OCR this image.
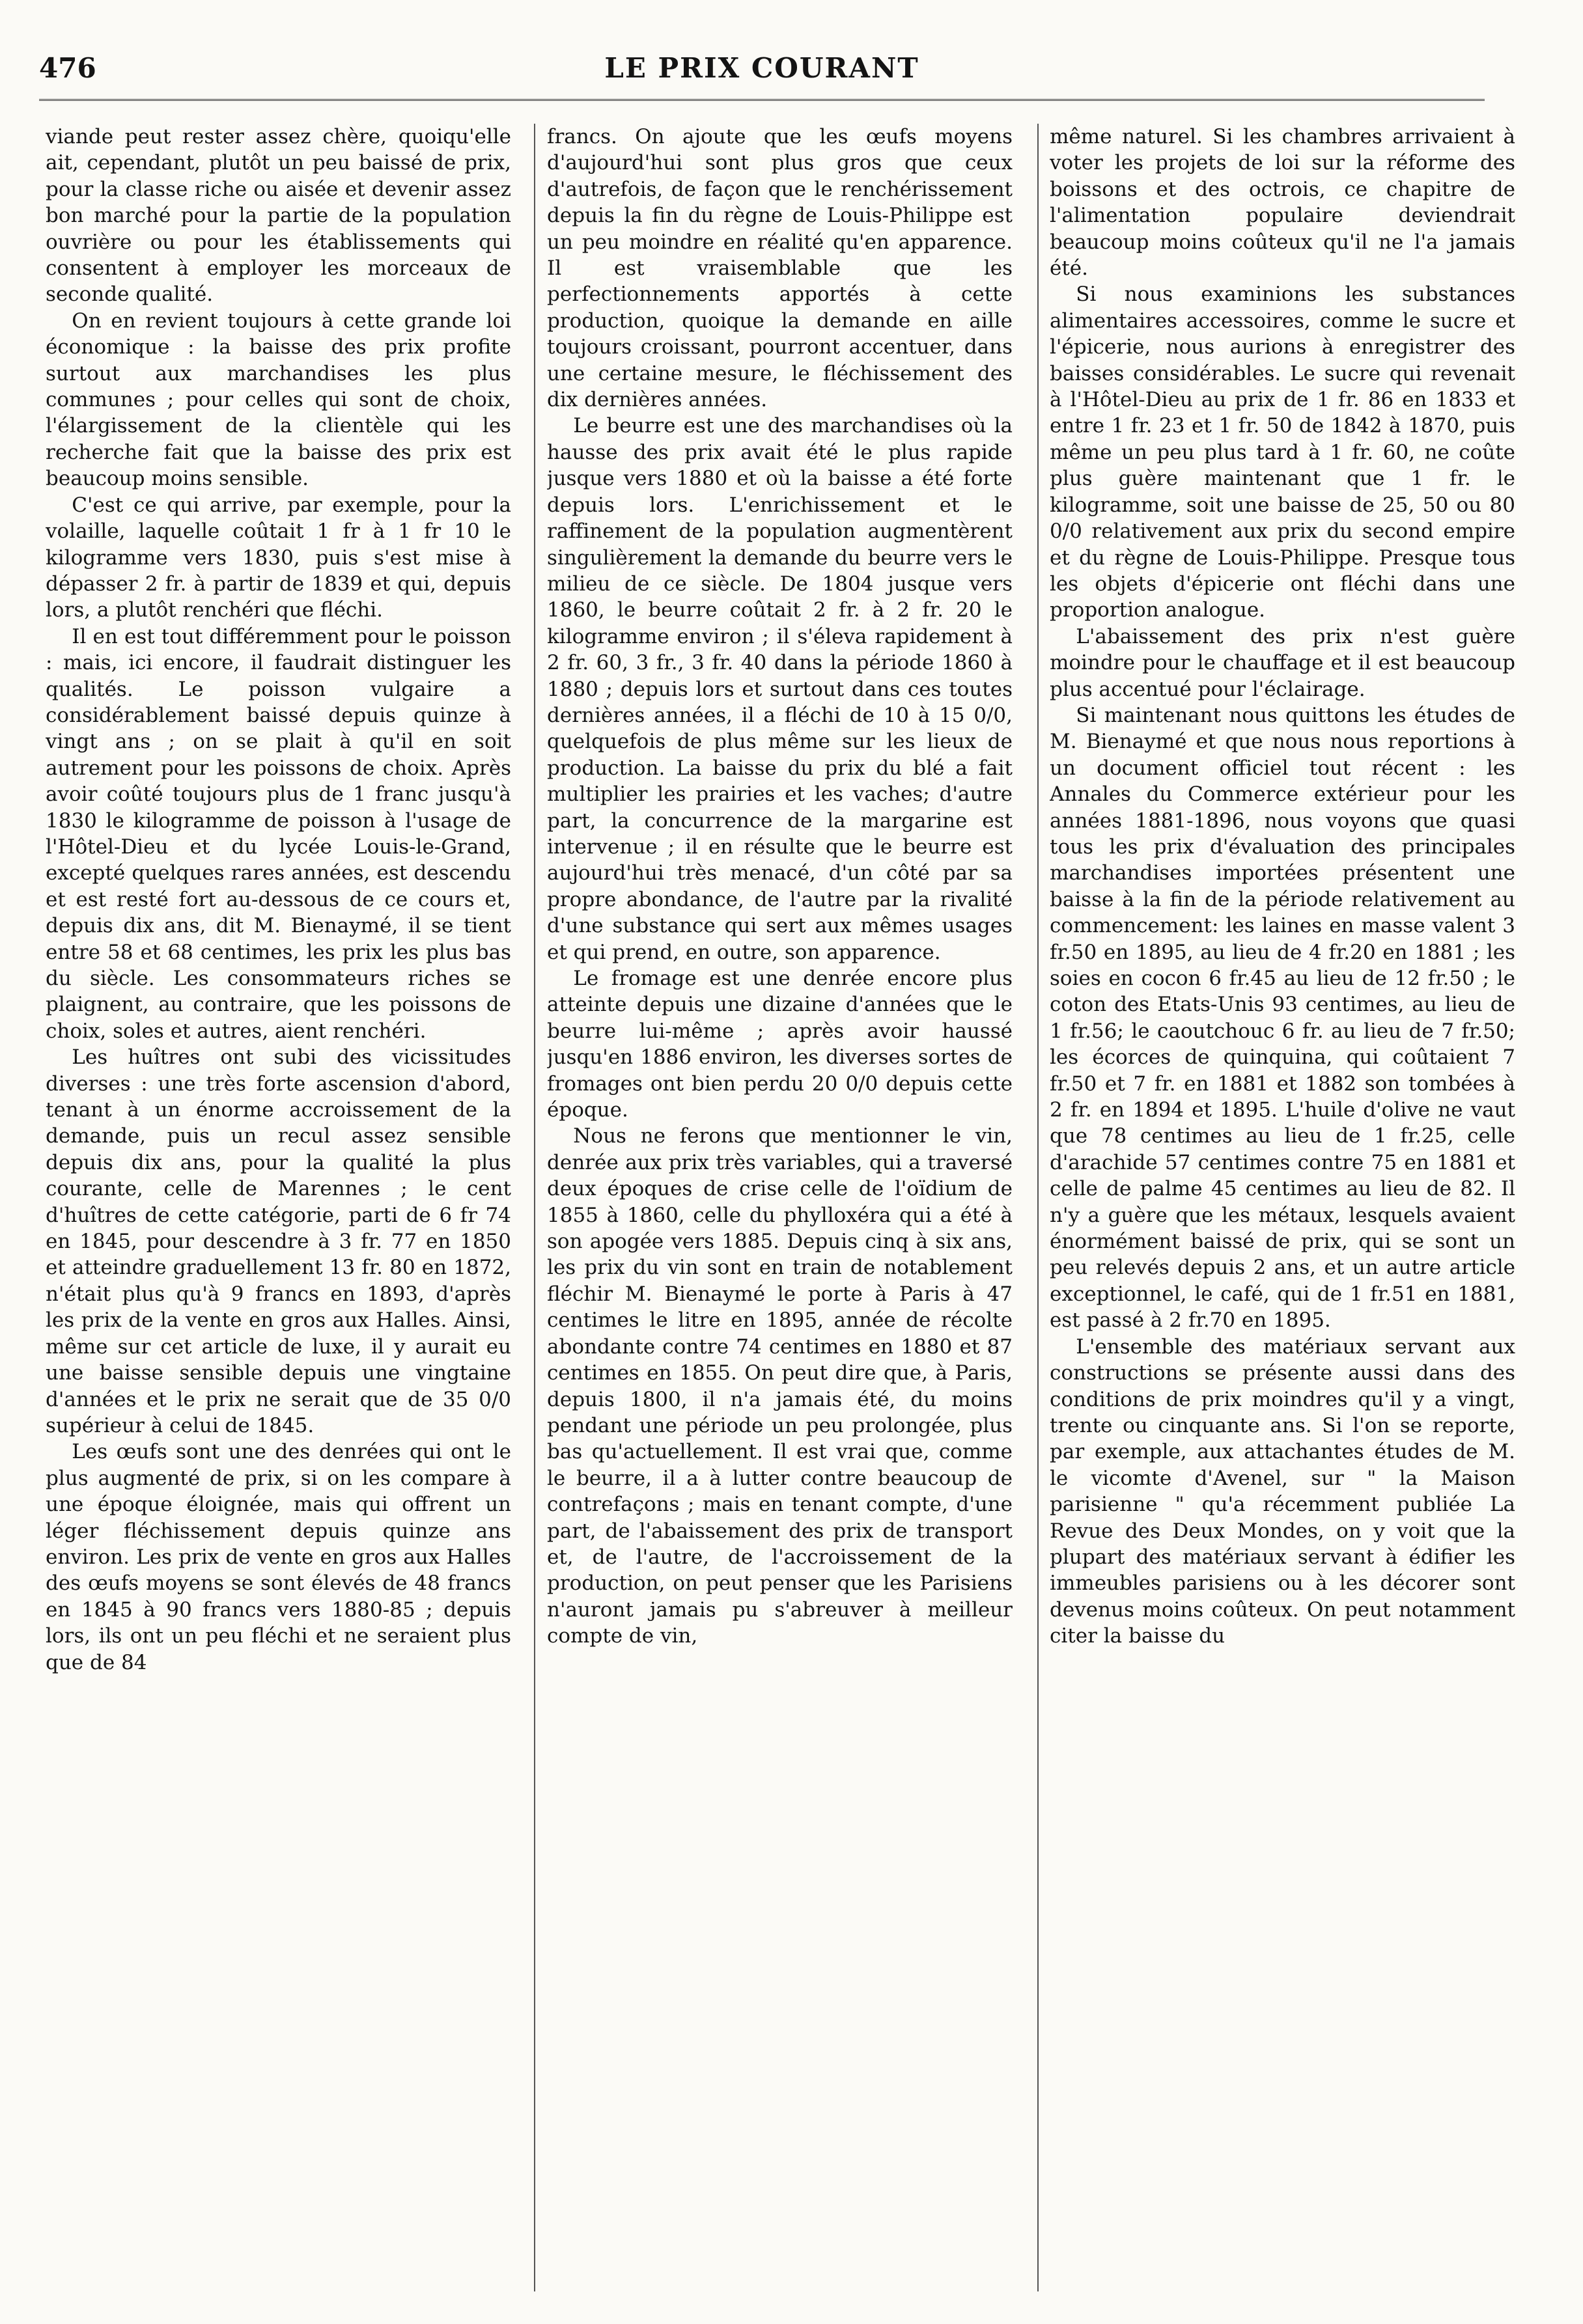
476	LE PRIX COURANT

viande peut rester assez chère, quoiqu'elle ait, cependant, plutôt un peu baissé de prix, pour la classe riche ou aisée et devenir assez bon marché pour la partie de la population ouvrière ou pour les établissements qui consentent à employer les morceaux de seconde qualité.

On en revient toujours à cette grande loi économique : la baisse des prix profite surtout aux marchandises les plus communes ; pour celles qui sont de choix, l'élargissement de la clientèle qui les recherche fait que la baisse des prix est beaucoup moins sensible.

C'est ce qui arrive, par exemple, pour la volaille, laquelle coûtait 1 fr à 1 fr 10 le kilogramme vers 1830, puis s'est mise à dépasser 2 fr. à partir de 1839 et qui, depuis lors, a plutôt renchéri que fléchi.

Il en est tout différemment pour le poisson : mais, ici encore, il faudrait distinguer les qualités. Le poisson vulgaire a considérablement baissé depuis quinze à vingt ans ; on se plait à qu'il en soit autrement pour les poissons de choix. Après avoir coûté toujours plus de 1 franc jusqu'à 1830 le kilogramme de poisson à l'usage de l'Hôtel-Dieu et du lycée Louis-le-Grand, excepté quelques rares années, est descendu et est resté fort au-dessous de ce cours et, depuis dix ans, dit M. Bienaymé, il se tient entre 58 et 68 centimes, les prix les plus bas du siècle. Les consommateurs riches se plaignent, au contraire, que les poissons de choix, soles et autres, aient renchéri.

Les huîtres ont subi des vicissitudes diverses : une très forte ascension d'abord, tenant à un énorme accroissement de la demande, puis un recul assez sensible depuis dix ans, pour la qualité la plus courante, celle de Marennes ; le cent d'huîtres de cette catégorie, parti de 6 fr 74 en 1845, pour descendre à 3 fr. 77 en 1850 et atteindre graduellement 13 fr. 80 en 1872, n'était plus qu'à 9 francs en 1893, d'après les prix de la vente en gros aux Halles. Ainsi, même sur cet article de luxe, il y aurait eu une baisse sensible depuis une vingtaine d'années et le prix ne serait que de 35 0/0 supérieur à celui de 1845.

Les œufs sont une des denrées qui ont le plus augmenté de prix, si on les compare à une époque éloignée, mais qui offrent un léger fléchissement depuis quinze ans environ. Les prix de vente en gros aux Halles des œufs moyens se sont élevés de 48 francs en 1845 à 90 francs vers 1880-85 ; depuis lors, ils ont un peu fléchi et ne seraient plus que de 84

francs. On ajoute que les œufs moyens d'aujourd'hui sont plus gros que ceux d'autrefois, de façon que le renchérissement depuis la fin du règne de Louis-Philippe est un peu moindre en réalité qu'en apparence. Il est vraisemblable que les perfectionnements apportés à cette production, quoique la demande en aille toujours croissant, pourront accentuer, dans une certaine mesure, le fléchissement des dix dernières années.

Le beurre est une des marchandises où la hausse des prix avait été le plus rapide jusque vers 1880 et où la baisse a été forte depuis lors. L'enrichissement et le raffinement de la population augmentèrent singulièrement la demande du beurre vers le milieu de ce siècle. De 1804 jusque vers 1860, le beurre coûtait 2 fr. à 2 fr. 20 le kilogramme environ ; il s'éleva rapidement à 2 fr. 60, 3 fr., 3 fr. 40 dans la période 1860 à 1880 ; depuis lors et surtout dans ces toutes dernières années, il a fléchi de 10 à 15 0/0, quelquefois de plus même sur les lieux de production. La baisse du prix du blé a fait multiplier les prairies et les vaches; d'autre part, la concurrence de la margarine est intervenue ; il en résulte que le beurre est aujourd'hui très menacé, d'un côté par sa propre abondance, de l'autre par la rivalité d'une substance qui sert aux mêmes usages et qui prend, en outre, son apparence.

Le fromage est une denrée encore plus atteinte depuis une dizaine d'années que le beurre lui-même ; après avoir haussé jusqu'en 1886 environ, les diverses sortes de fromages ont bien perdu 20 0/0 depuis cette époque.

Nous ne ferons que mentionner le vin, denrée aux prix très variables, qui a traversé deux époques de crise celle de l'oïdium de 1855 à 1860, celle du phylloxéra qui a été à son apogée vers 1885. Depuis cinq à six ans, les prix du vin sont en train de notablement fléchir M. Bienaymé le porte à Paris à 47 centimes le litre en 1895, année de récolte abondante contre 74 centimes en 1880 et 87 centimes en 1855. On peut dire que, à Paris, depuis 1800, il n'a jamais été, du moins pendant une période un peu prolongée, plus bas qu'actuellement. Il est vrai que, comme le beurre, il a à lutter contre beaucoup de contrefaçons ; mais en tenant compte, d'une part, de l'abaissement des prix de transport et, de l'autre, de l'accroissement de la production, on peut penser que les Parisiens n'auront jamais pu s'abreuver à meilleur compte de vin,

même naturel. Si les chambres arrivaient à voter les projets de loi sur la réforme des boissons et des octrois, ce chapitre de l'alimentation populaire deviendrait beaucoup moins coûteux qu'il ne l'a jamais été.

Si nous examinions les substances alimentaires accessoires, comme le sucre et l'épicerie, nous aurions à enregistrer des baisses considérables. Le sucre qui revenait à l'Hôtel-Dieu au prix de 1 fr. 86 en 1833 et entre 1 fr. 23 et 1 fr. 50 de 1842 à 1870, puis même un peu plus tard à 1 fr. 60, ne coûte plus guère maintenant que 1 fr. le kilogramme, soit une baisse de 25, 50 ou 80 0/0 relativement aux prix du second empire et du règne de Louis-Philippe. Presque tous les objets d'épicerie ont fléchi dans une proportion analogue.

L'abaissement des prix n'est guère moindre pour le chauffage et il est beaucoup plus accentué pour l'éclairage.

Si maintenant nous quittons les études de M. Bienaymé et que nous nous reportions à un document officiel tout récent : les Annales du Commerce extérieur pour les années 1881-1896, nous voyons que quasi tous les prix d'évaluation des principales marchandises importées présentent une baisse à la fin de la période relativement au commencement: les laines en masse valent 3 fr.50 en 1895, au lieu de 4 fr.20 en 1881 ; les soies en cocon 6 fr.45 au lieu de 12 fr.50 ; le coton des Etats-Unis 93 centimes, au lieu de 1 fr.56; le caoutchouc 6 fr. au lieu de 7 fr.50; les écorces de quinquina, qui coûtaient 7 fr.50 et 7 fr. en 1881 et 1882 son tombées à 2 fr. en 1894 et 1895. L'huile d'olive ne vaut que 78 centimes au lieu de 1 fr.25, celle d'arachide 57 centimes contre 75 en 1881 et celle de palme 45 centimes au lieu de 82. Il n'y a guère que les métaux, lesquels avaient énormément baissé de prix, qui se sont un peu relevés depuis 2 ans, et un autre article exceptionnel, le café, qui de 1 fr.51 en 1881, est passé à 2 fr.70 en 1895.

L'ensemble des matériaux servant aux constructions se présente aussi dans des conditions de prix moindres qu'il y a vingt, trente ou cinquante ans. Si l'on se reporte, par exemple, aux attachantes études de M. le vicomte d'Avenel, sur " la Maison parisienne " qu'a récemment publiée La Revue des Deux Mondes, on y voit que la plupart des matériaux servant à édifier les immeubles parisiens ou à les décorer sont devenus moins coûteux. On peut notamment citer la baisse du
